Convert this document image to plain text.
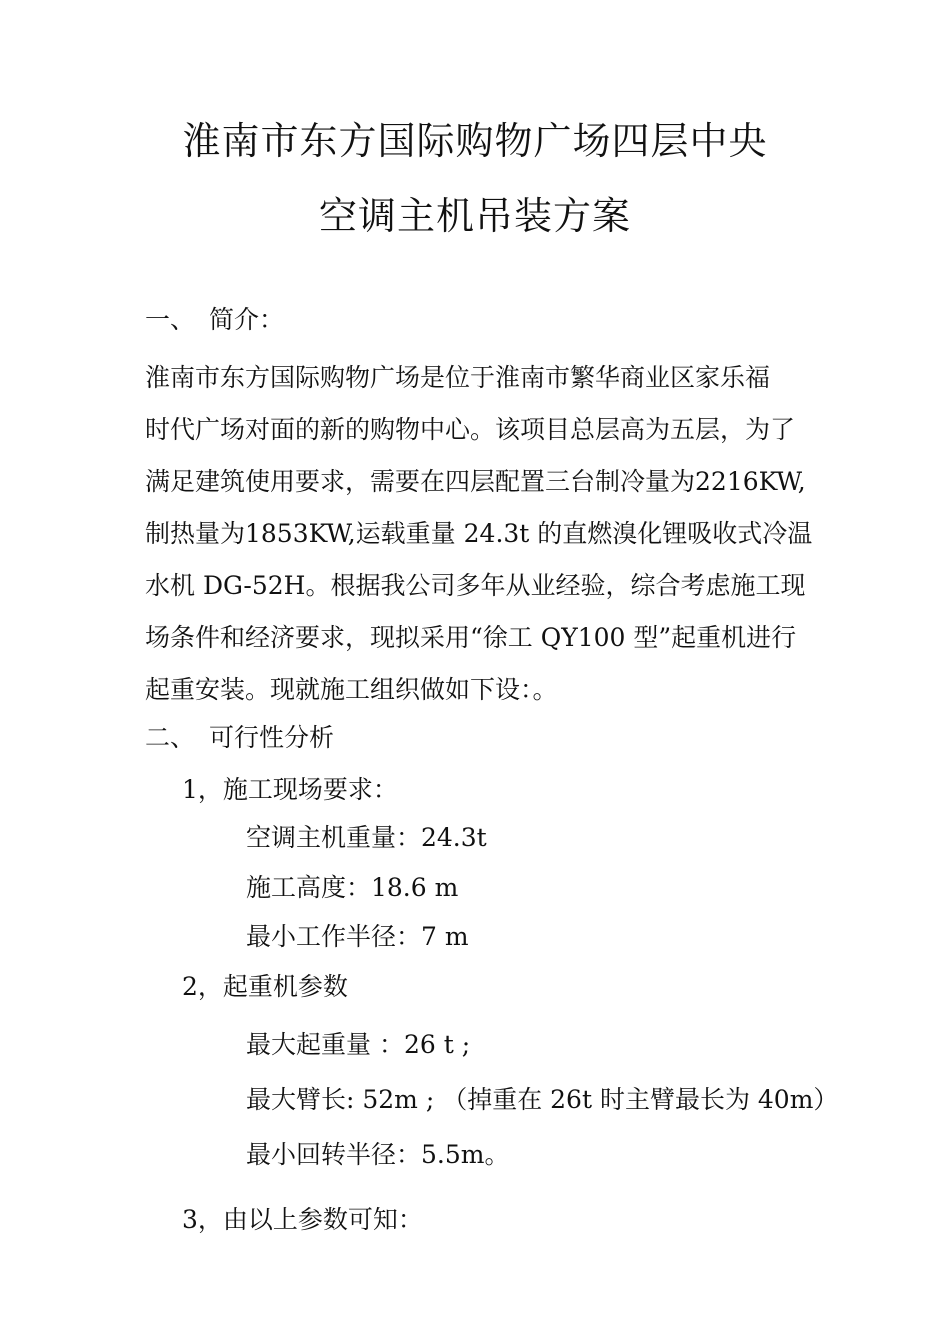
淮南市东方国际购物广场四层中央
空调主机吊装方案
一、 简介：
淮南市东方国际购物广场是位于淮南市繁华商业区家乐福
时代广场对面的新的购物中心。该项目总层高为五层，为了
满足建筑使用要求，需要在四层配置三台制冷量为2216KW,
制热量为1853KW,运载重量 24.3t 的直燃溴化锂吸收式冷温
水机 DG-52H。根据我公司多年从业经验，综合考虑施工现
场条件和经济要求，现拟采用“徐工 QY100 型”起重机进行
起重安装。现就施工组织做如下设：。
二、 可行性分析
1，施工现场要求：
空调主机重量：24.3t
施工高度：18.6 m
最小工作半径：7 m
2，起重机参数
最大起重量 ：26 t ;
最大臂长: 52m ; （掉重在 26t 时主臂最长为 40m）
最小回转半径：5.5m。
3，由以上参数可知：
